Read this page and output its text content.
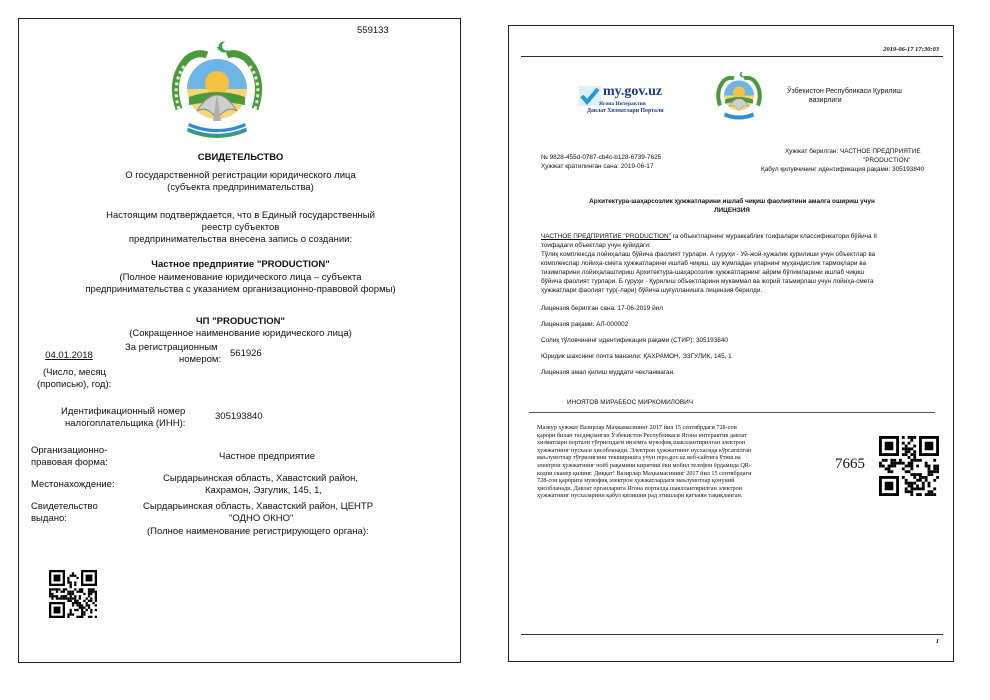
559133
СВИДЕТЕЛЬСТВО
О государственной регистрации юридического лица
(субъекта предпринимательства)
Настоящим подтверждается, что в Единый государственный
реестр субъектов
предпринимательства внесена запись о создании:
Частное предприятие "PRODUCTION"
(Полное наименование юридического лица – субъекта
предпринимательства с указанием организационно-правовой формы)
ЧП "PRODUCTION"
(Сокращенное наименование юридического лица)
04.01.2018
(Число, месяц
(прописью), год):
За регистрационным
номером:
561926
Идентификационный номер
налогоплательщика (ИНН):
305193840
Организационно-
правовая форма:
Частное предприятие
Местонахождение:
Сырдарьинская область, Хавастский район,
Кахрамон, Эзгулик, 145, 1,
Свидетельство
выдано:
Сырдарьинская область, Хавастский район, ЦЕНТР
"ОДНО ОКНО"
(Полное наименование регистрирующего органа):
2019-06-17 17:30:03
my.gov.uz
Ягона Интерактив
Давлат Хизматлари Портали
Ўзбекистон Республикаси Қурилиш
вазирлиги
№ 9828-455d-0787-cb4c-b128-6739-7625
Ҳужжат кратилинган сана: 2019-06-17
Ҳужжат берилган: ЧАСТНОЕ ПРЕДПРИЯТИЕ
"PRODUCTION"
Қабул қилувчининг идентификация рақами: 305193840
Архитектура-шаҳарсозлик ҳужжатларини ишлаб чиқиш фаолиятини амалга ошириш учун
ЛИЦЕНЗИЯ
ЧАСТНОЕ ПРЕДПРИЯТИЕ "PRODUCTION" га объектларнинг мураккаблик тоифалари классификатори бўйича II
тоифадаги объектлар учун қуйидаги:
Тўлиқ комплексда лойиҳалаш бўйича фаолият турлари. А гуруҳи - Уй-жой-ҳужалик қурилиши учун объектлар ва
комплекслар лойиҳа-смета ҳужжатларини ишлаб чиқиш, шу жумладан уларнинг муҳандислик тармоқлари ва
тизимларини лойиҳалаштириш Архитектура-шаҳарсозлик ҳужжатларнинг айрим бўлимларини ишлаб чиқиш
бўйича фаолият турлари. Б гуруҳи - Қурилиш объектларини мукаммал ва жорий таъмирлаш учун лойиҳа-смета
ҳужжатлари фаолият тур(-лари) бўйича шуғулланишга лицензия берилди.
Лицензия берилган сана: 17-06-2019 йил
Лицензия рақами: АЛ-000002
Солиқ тўловчининг идентификация рақами (СТИР): 305193840
Юридик шахснинг почта манзили: ҚАХРАМОН, ЭЗГУЛИК, 145, 1
Лицензия амал қилиш муддати чекланмаган.
ИНОЯТОВ МИРАББОС МИРКОМИЛОВИЧ
Мазкур ҳужжат Вазирлар Маҳкамасининг 2017 йил 15 сентябрдаги 728-сон
қарори билан тасдиқланган Ўзбекистон Республикаси Ягона интерактив давлат
хизматлари портали тўғрисидаги низомга мувофиқ шакллантирилган электрон
ҳужжатнинг нусхаси ҳисобланади. Электрон ҳужжатнинг нусхасида кўрсатилган
маълумотлар тўғрилигини текширишга учун repo.gov.uz веб-сайтига ўтиш ва
электрон ҳужжатнинг ноёб рақамини киритиш ёки мобил телефон ёрдамида QR-
кодни сканер қилинг. Диққат! Вазирлар Маҳкамасининг 2017 йил 15 сентябрдаги
728-сон қарорига мувофиқ электрон ҳужжатлардаги маълумотлар қонуний
ҳисобланади. Давлат органларига Ягона порталда шакллантирилган электрон
ҳужжатнинг нусхаларини қабул қилишни рад этишлари қатъиян тақиқланган.
7665
1
